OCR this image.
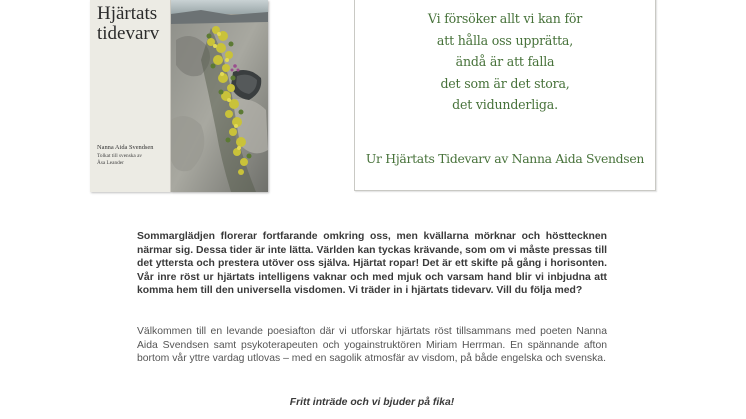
Hjärtats
tidevarv
Nanna Aida Svendsen
Tolkat till svenska av
Åsa Leander
Vi försöker allt vi kan för
att hålla oss upprätta,
ändå är att falla
det som är det stora,
det vidunderliga.
Ur Hjärtats Tidevarv av Nanna Aida Svendsen

Sommarglädjen florerar fortfarande omkring oss, men kvällarna mörknar och hösttecknen närmar sig. Dessa tider är inte lätta. Världen kan tyckas krävande, som om vi måste pressas till det yttersta och prestera utöver oss själva. Hjärtat ropar! Det är ett skifte på gång i horisonten. Vår inre röst ur hjärtats intelligens vaknar och med mjuk och varsam hand blir vi inbjudna att komma hem till den universella visdomen. Vi träder in i hjärtats tidevarv. Vill du följa med?

Välkommen till en levande poesiafton där vi utforskar hjärtats röst tillsammans med poeten Nanna Aida Svendsen samt psykoterapeuten och yogainstruktören Miriam Herrman. En spännande afton bortom vår yttre vardag utlovas – med en sagolik atmosfär av visdom, på både engelska och svenska.

Fritt inträde och vi bjuder på fika!
